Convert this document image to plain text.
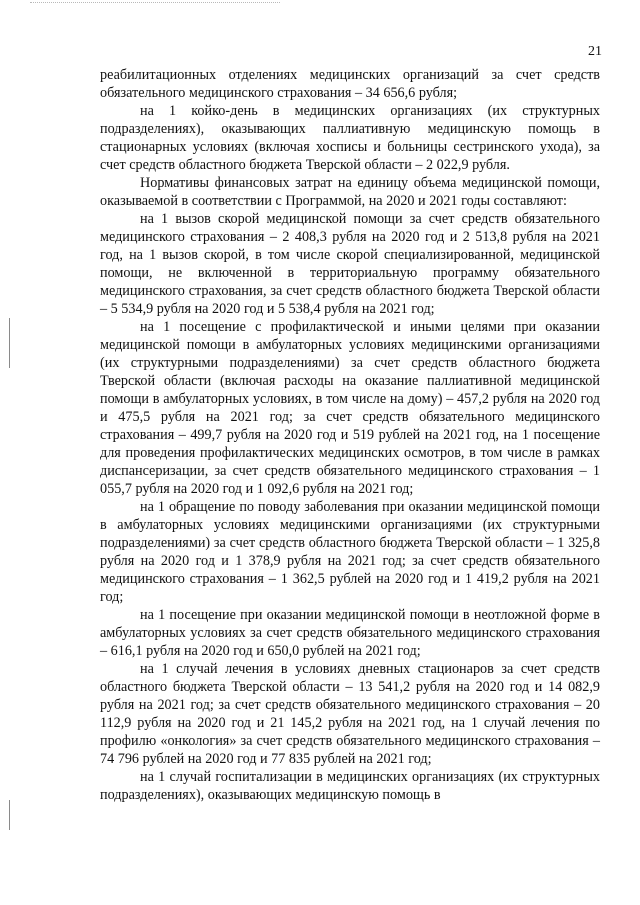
21

реабилитационных отделениях медицинских организаций за счет средств обязательного медицинского страхования – 34 656,6 рубля;

на 1 койко-день в медицинских организациях (их структурных подразделениях), оказывающих паллиативную медицинскую помощь в стационарных условиях (включая хосписы и больницы сестринского ухода), за счет средств областного бюджета Тверской области – 2 022,9 рубля.

Нормативы финансовых затрат на единицу объема медицинской помощи, оказываемой в соответствии с Программой, на 2020 и 2021 годы составляют:

на 1 вызов скорой медицинской помощи за счет средств обязательного медицинского страхования – 2 408,3 рубля на 2020 год и 2 513,8 рубля на 2021 год, на 1 вызов скорой, в том числе скорой специализированной, медицинской помощи, не включенной в территориальную программу обязательного медицинского страхования, за счет средств областного бюджета Тверской области – 5 534,9 рубля на 2020 год и 5 538,4 рубля на 2021 год;

на 1 посещение с профилактической и иными целями при оказании медицинской помощи в амбулаторных условиях медицинскими организациями (их структурными подразделениями) за счет средств областного бюджета Тверской области (включая расходы на оказание паллиативной медицинской помощи в амбулаторных условиях, в том числе на дому) – 457,2 рубля на 2020 год и 475,5 рубля на 2021 год; за счет средств обязательного медицинского страхования – 499,7 рубля на 2020 год и 519 рублей на 2021 год, на 1 посещение для проведения профилактических медицинских осмотров, в том числе в рамках диспансеризации, за счет средств обязательного медицинского страхования – 1 055,7 рубля на 2020 год и 1 092,6 рубля на 2021 год;

на 1 обращение по поводу заболевания при оказании медицинской помощи в амбулаторных условиях медицинскими организациями (их структурными подразделениями) за счет средств областного бюджета Тверской области – 1 325,8 рубля на 2020 год и 1 378,9 рубля на 2021 год; за счет средств обязательного медицинского страхования – 1 362,5 рублей на 2020 год и 1 419,2 рубля на 2021 год;

на 1 посещение при оказании медицинской помощи в неотложной форме в амбулаторных условиях за счет средств обязательного медицинского страхования – 616,1 рубля на 2020 год и 650,0 рублей на 2021 год;

на 1 случай лечения в условиях дневных стационаров за счет средств областного бюджета Тверской области – 13 541,2 рубля на 2020 год и 14 082,9 рубля на 2021 год; за счет средств обязательного медицинского страхования – 20 112,9 рубля на 2020 год и 21 145,2 рубля на 2021 год, на 1 случай лечения по профилю «онкология» за счет средств обязательного медицинского страхования – 74 796 рублей на 2020 год и 77 835 рублей на 2021 год;

на 1 случай госпитализации в медицинских организациях (их структурных подразделениях), оказывающих медицинскую помощь в
